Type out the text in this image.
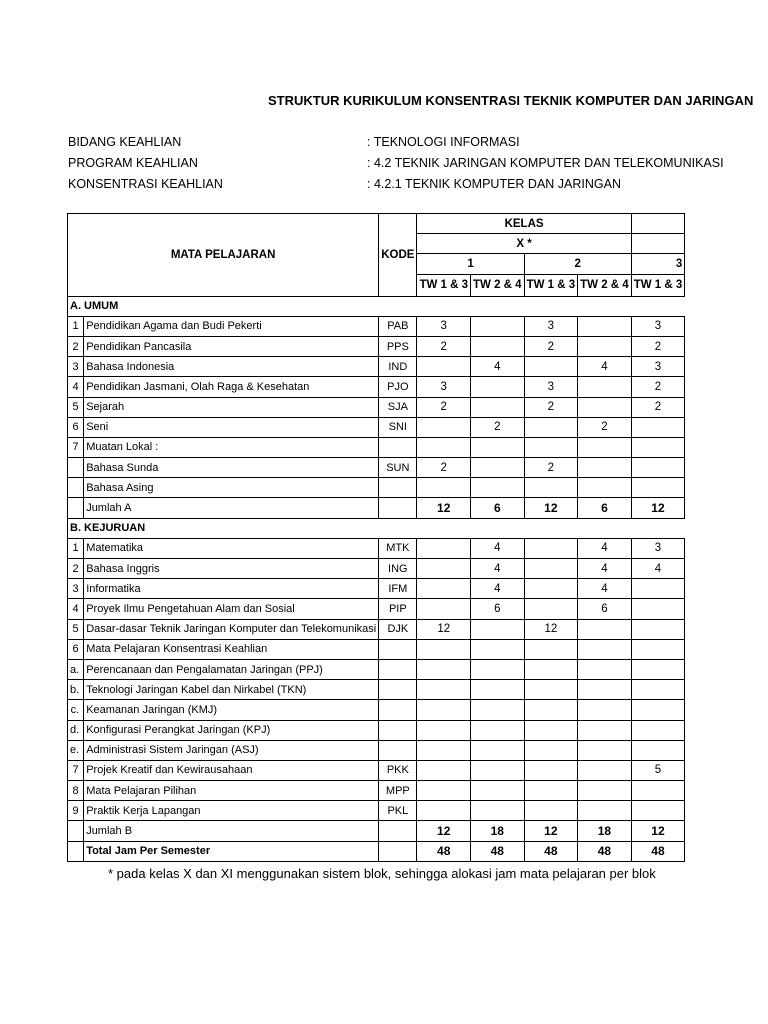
STRUKTUR KURIKULUM KONSENTRASI TEKNIK KOMPUTER DAN JARINGAN
BIDANG KEAHLIAN	: TEKNOLOGI INFORMASI
PROGRAM KEAHLIAN	: 4.2 TEKNIK JARINGAN KOMPUTER DAN TELEKOMUNIKASI
KONSENTRASI KEAHLIAN	: 4.2.1 TEKNIK KOMPUTER DAN JARINGAN
MATA PELAJARAN		KODE	KELAS				
			X *				
			1		2		3
			TW 1 & 3	TW 2 & 4	TW 1 & 3	TW 2 & 4	TW 1 & 3
A. UMUM							
1	Pendidikan Agama dan Budi Pekerti	PAB	3		3		3
2	Pendidikan Pancasila	PPS	2		2		2
3	Bahasa Indonesia	IND		4		4	3
4	Pendidikan Jasmani, Olah Raga & Kesehatan	PJO	3		3		2
5	Sejarah	SJA	2		2		2
6	Seni	SNI		2		2	
7	Muatan Lokal :						
	Bahasa Sunda	SUN	2		2		
	Bahasa Asing						
	Jumlah A		12	6	12	6	12
B. KEJURUAN							
1	Matematika	MTK		4		4	3
2	Bahasa Inggris	ING		4		4	4
3	Informatika	IFM		4		4	
4	Proyek Ilmu Pengetahuan Alam dan Sosial	PIP		6		6	
5	Dasar-dasar Teknik Jaringan Komputer dan Telekomunikasi	DJK	12		12		
6	Mata Pelajaran Konsentrasi Keahlian						
a.	Perencanaan dan Pengalamatan Jaringan (PPJ)						
b.	Teknologi Jaringan Kabel dan Nirkabel (TKN)						
c.	Keamanan Jaringan (KMJ)						
d.	Konfigurasi Perangkat Jaringan (KPJ)						
e.	Administrasi Sistem Jaringan (ASJ)						
7	Projek Kreatif dan Kewirausahaan	PKK					5
8	Mata Pelajaran Pilihan	MPP					
9	Praktik Kerja Lapangan	PKL					
	Jumlah B		12	18	12	18	12
	Total Jam Per Semester		48	48	48	48	48
* pada kelas X dan XI menggunakan sistem blok, sehingga alokasi jam mata pelajaran per blok
